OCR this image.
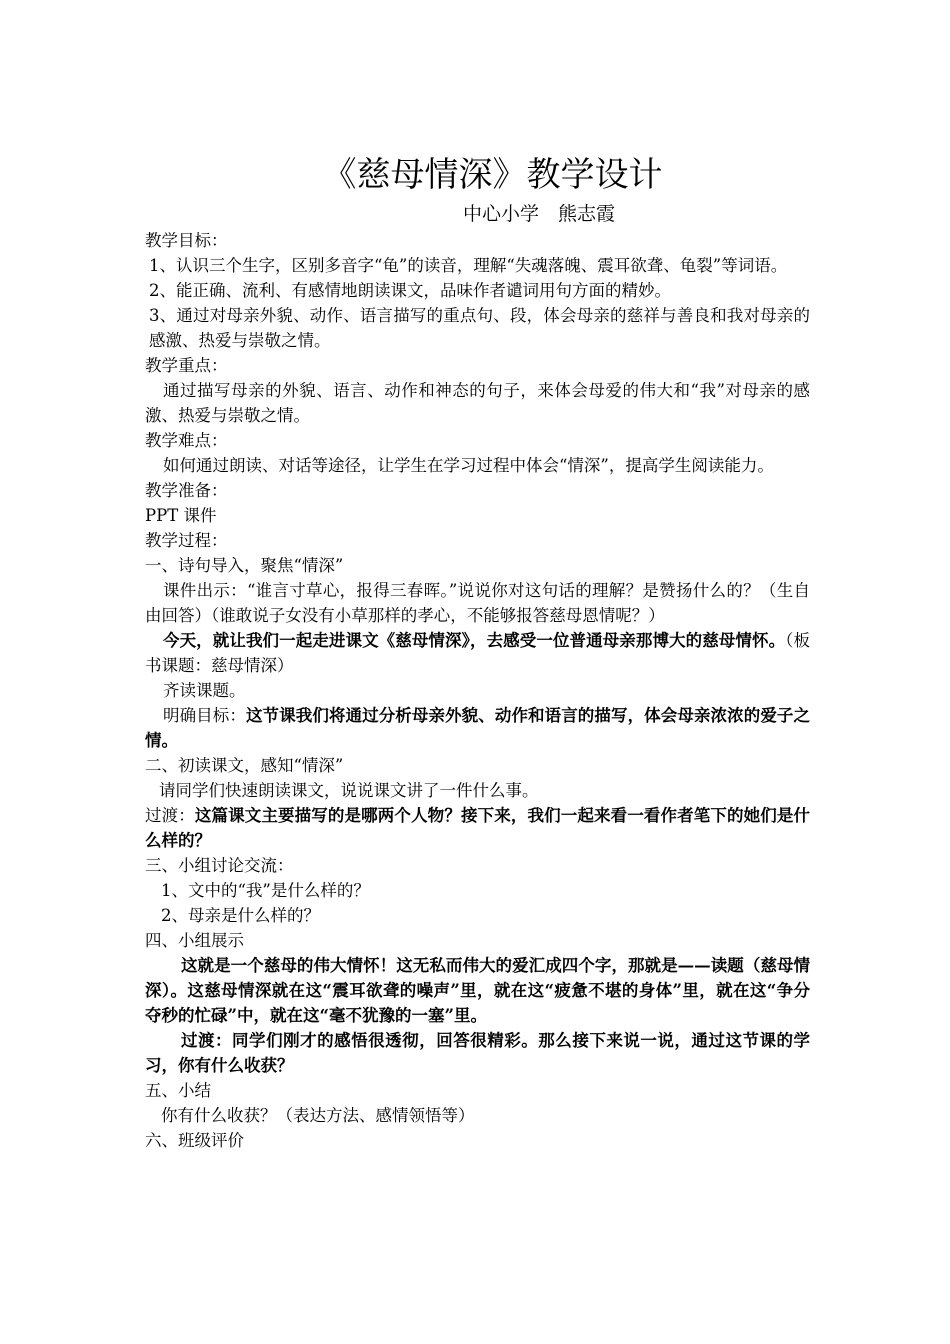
《慈母情深》教学设计
中心小学　熊志霞

教学目标：

1、认识三个生字，区别多音字“龟”的读音，理解“失魂落魄、震耳欲聋、龟裂”等词语。

2、能正确、流利、有感情地朗读课文，品味作者谴词用句方面的精妙。

3、通过对母亲外貌、动作、语言描写的重点句、段，体会母亲的慈祥与善良和我对母亲的感激、热爱与崇敬之情。

教学重点：

通过描写母亲的外貌、语言、动作和神态的句子，来体会母爱的伟大和“我”对母亲的感激、热爱与崇敬之情。

教学难点：

如何通过朗读、对话等途径，让学生在学习过程中体会“情深”，提高学生阅读能力。

教学准备：

PPT 课件

教学过程：

一、诗句导入，聚焦“情深”

课件出示：“谁言寸草心，报得三春晖。”说说你对这句话的理解？是赞扬什么的？（生自由回答）（谁敢说子女没有小草那样的孝心，不能够报答慈母恩情呢？）

今天，就让我们一起走进课文《慈母情深》，去感受一位普通母亲那博大的慈母情怀。（板书课题：慈母情深）

齐读课题。

明确目标：这节课我们将通过分析母亲外貌、动作和语言的描写，体会母亲浓浓的爱子之情。

二、初读课文，感知“情深”

请同学们快速朗读课文，说说课文讲了一件什么事。

过渡：这篇课文主要描写的是哪两个人物？接下来，我们一起来看一看作者笔下的她们是什么样的？

三、小组讨论交流：

1、文中的“我”是什么样的？

2、母亲是什么样的？

四、小组展示

这就是一个慈母的伟大情怀！这无私而伟大的爱汇成四个字，那就是——读题（慈母情深）。这慈母情深就在这“震耳欲聋的噪声”里，就在这“疲惫不堪的身体”里，就在这“争分夺秒的忙碌”中，就在这“毫不犹豫的一塞”里。

过渡：同学们刚才的感悟很透彻，回答很精彩。那么接下来说一说，通过这节课的学习，你有什么收获？

五、小结

你有什么收获？（表达方法、感情领悟等）

六、班级评价
